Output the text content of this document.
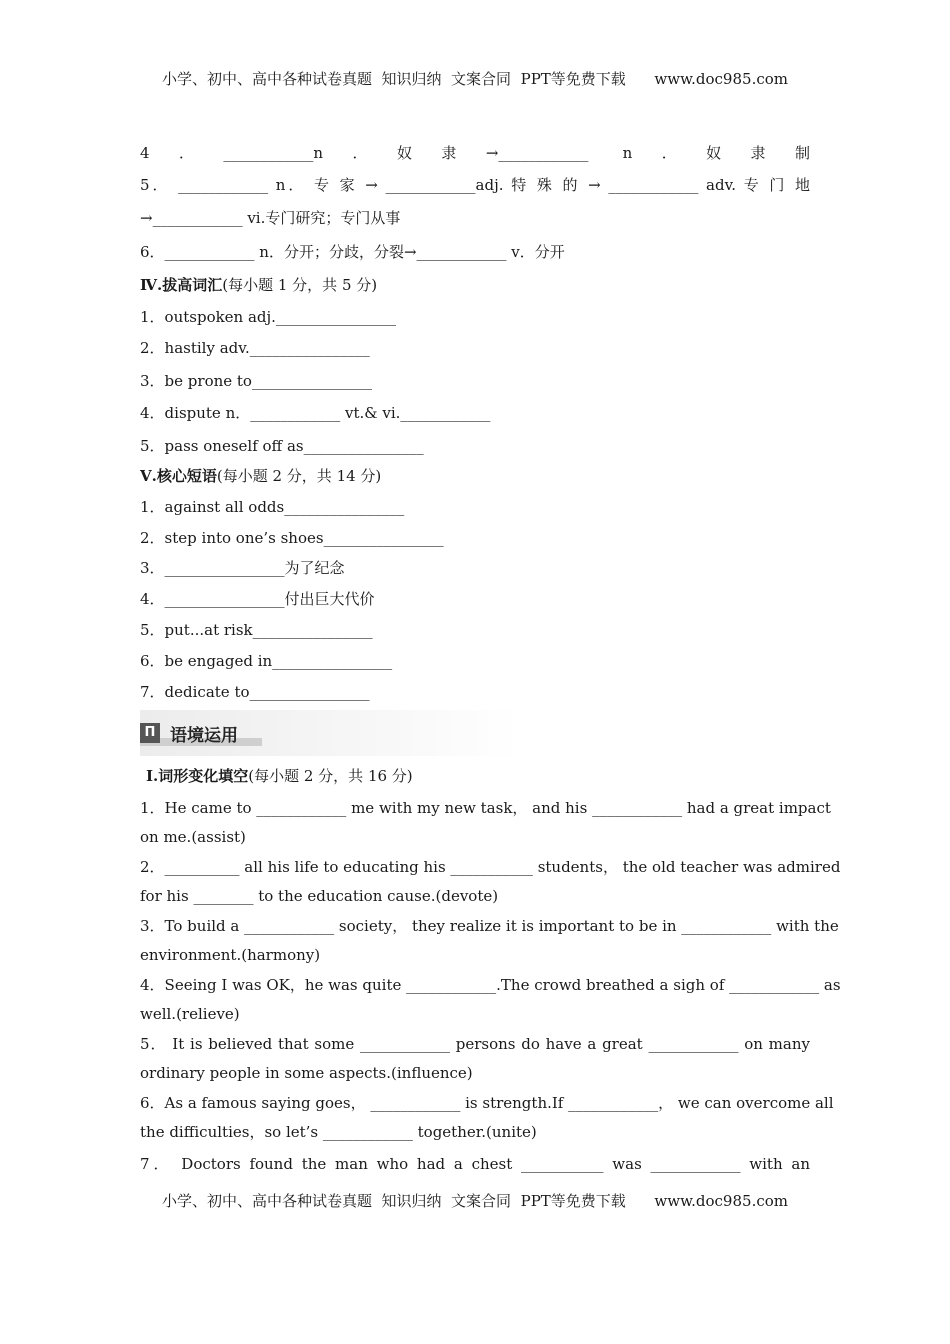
小学、初中、高中各种试卷真题  知识归纳  文案合同  PPT等免费下载      www.doc985.com
4．____________n．奴隶→____________ n．奴隶制
5． ____________ n． 专 家 → ____________adj. 特 殊 的 → ____________ adv. 专 门 地
→____________ vi.专门研究；专门从事
6．____________ n．分开；分歧，分裂→____________ v．分开
Ⅳ.拔高词汇(每小题 1 分，共 5 分)
1．outspoken adj.________________
2．hastily adv.________________
3．be prone to________________
4．dispute n．____________ vt.& vi.____________
5．pass oneself off as________________
Ⅴ.核心短语(每小题 2 分，共 14 分)
1．against all odds________________
2．step into one’s shoes________________
3．________________为了纪念
4．________________付出巨大代价
5．put...at risk________________
6．be engaged in________________
7．dedicate to________________
П 语境运用
Ⅰ.词形变化填空(每小题 2 分，共 16 分)
1．He came to ____________ me with my new task， and his ____________ had a great impact
on me.(assist)
2．__________ all his life to educating his ___________ students， the old teacher was admired
for his ________ to the education cause.(devote)
3．To build a ____________ society， they realize it is important to be in ____________ with the
environment.(harmony)
4．Seeing I was OK，he was quite ____________.The crowd breathed a sigh of ____________ as
well.(relieve)
5． It is believed that some ____________ persons do have a great ____________ on many
ordinary people in some aspects.(influence)
6．As a famous saying goes， ____________ is strength.If ____________， we can overcome all
the difficulties，so let’s ____________ together.(unite)
7． Doctors found the man who had a chest ___________ was ____________ with an
小学、初中、高中各种试卷真题  知识归纳  文案合同  PPT等免费下载      www.doc985.com
